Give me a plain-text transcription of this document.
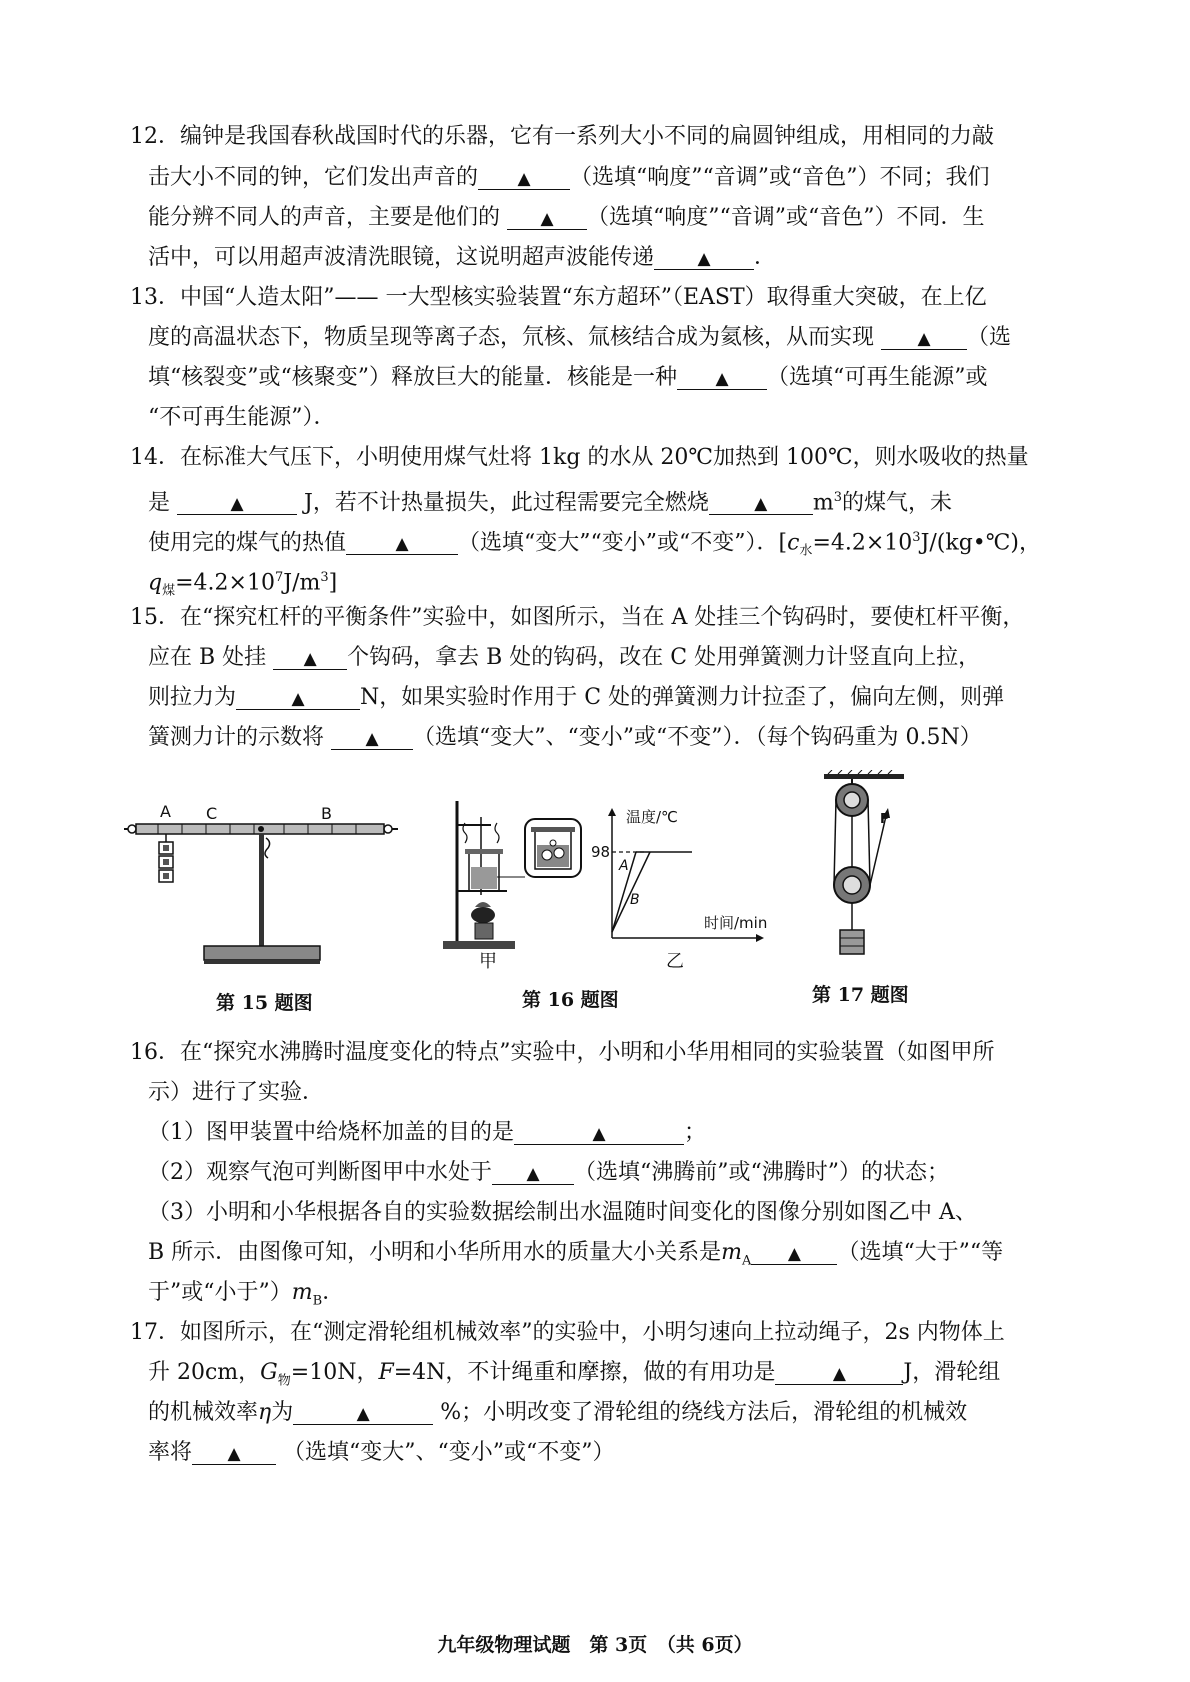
12．编钟是我国春秋战国时代的乐器，它有一系列大小不同的扁圆钟组成，用相同的力敲
击大小不同的钟，它们发出声音的 ▲ （选填“响度”“音调”或“音色”）不同；我们
能分辨不同人的声音，主要是他们的 ▲ （选填“响度”“音调”或“音色”）不同．生
活中，可以用超声波清洗眼镜，这说明超声波能传递	▲ ．
13．中国“人造太阳”—— 一大型核实验装置“东方超环”（EAST）取得重大突破，在上亿
度的高温状态下，物质呈现等离子态，氘核、氚核结合成为氦核，从而实现	▲ （选
填“核裂变”或“核聚变”）释放巨大的能量．核能是一种 ▲ （选填“可再生能源”或
“不可再生能源”）．
14．在标准大气压下，小明使用煤气灶将 1kg 的水从 20℃加热到 100℃，则水吸收的热量
是	▲	J，若不计热量损失，此过程需要完全燃烧	▲ $m^3$的煤气，未
使用完的煤气的热值	▲ （选填“变大”“变小”或“不变”）．[$c_水=4.2\times 10^3J/(kg•℃)$，
$q_煤=4.2\times 10^7J/m^3$]
15．在“探究杠杆的平衡条件”实验中，如图所示，当在 A 处挂三个钩码时，要使杠杆平衡，
应在 B 处挂 ▲ 个钩码，拿去 B 处的钩码，改在 C 处用弹簧测力计竖直向上拉，
则拉力为	▲	N，如果实验时作用于 C 处的弹簧测力计拉歪了，偏向左侧，则弹
簧测力计的示数将 ▲ （选填“变大”、“变小”或“不变”）．（每个钩码重为 0.5N）
A C	B
第 15 题图
甲
温度/℃
98
A
B
时间/min
乙
第 16 题图
F
第 17 题图
16．在“探究水沸腾时温度变化的特点”实验中，小明和小华用相同的实验装置（如图甲所
示）进行了实验．
（1）图甲装置中给烧杯加盖的目的是	▲	；
（2）观察气泡可判断图甲中水处于 ▲ （选填“沸腾前”或“沸腾时”）的状态；
（3）小明和小华根据各自的实验数据绘制出水温随时间变化的图像分别如图乙中 A、
B 所示．由图像可知，小明和小华所用水的质量大小关系是$m_A$ ▲ （选填“大于”“等
于”或“小于$”)m_B$．
17．如图所示，在“测定滑轮组机械效率”的实验中，小明匀速向上拉动绳子，2s 内物体上
升 20cm，$G_物=10N$，F=4N，不计绳重和摩擦，做的有用功是	▲	J，滑轮组
的机械效率η为	▲	%；小明改变了滑轮组的绕线方法后，滑轮组的机械效
率将 ▲ （选填“变大”、“变小”或“不变”）
九年级物理试题　第 3页　（共 6页）
